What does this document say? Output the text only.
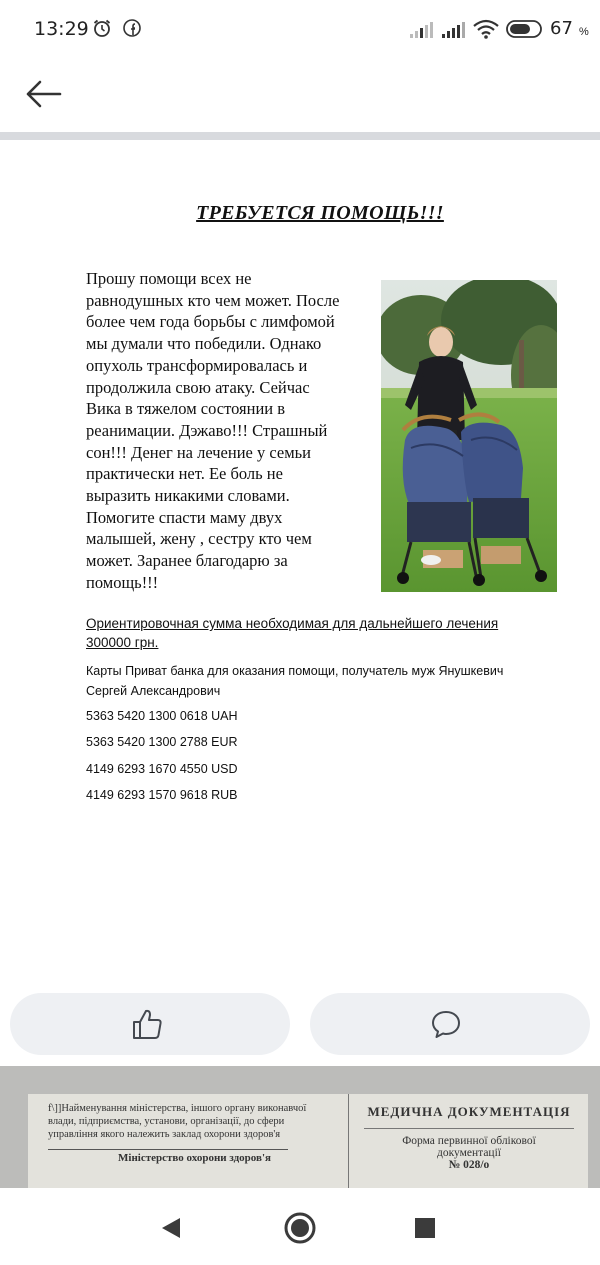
13:29	67 %
ТРЕБУЕТСЯ ПОМОЩЬ!!!
Прошу помощи всех не
равнодушных кто чем может. После
более чем года борьбы с лимфомой
мы думали что победили. Однако
опухоль трансформировалась и
продолжила свою атаку. Сейчас
Вика в тяжелом состоянии в
реанимации. Дэжаво!!! Страшный
сон!!! Денег на лечение у семьи
практически нет. Ее боль не
выразить никакими словами.
Помогите спасти маму двух
малышей, жену , сестру кто чем
может. Заранее благодарю за
помощь!!!
Ориентировочная сумма необходимая для дальнейшего лечения
300000 грн.
Карты Приват банка для оказания помощи, получатель муж Янушкевич
Сергей Александрович
5363 5420 1300 0618 UAH
5363 5420 1300 2788 EUR
4149 6293 1670 4550 USD
4149 6293 1570 9618 RUB
f\]]Найменування міністерства, іншого органу виконавчої
влади, підприємства, установи, організації, до сфери
управління якого належить заклад охорони здоров'я
Міністерство охорони здоров'я
МЕДИЧНА ДОКУМЕНТАЦІЯ
Форма первинної облікової
документації
№ 028/о
